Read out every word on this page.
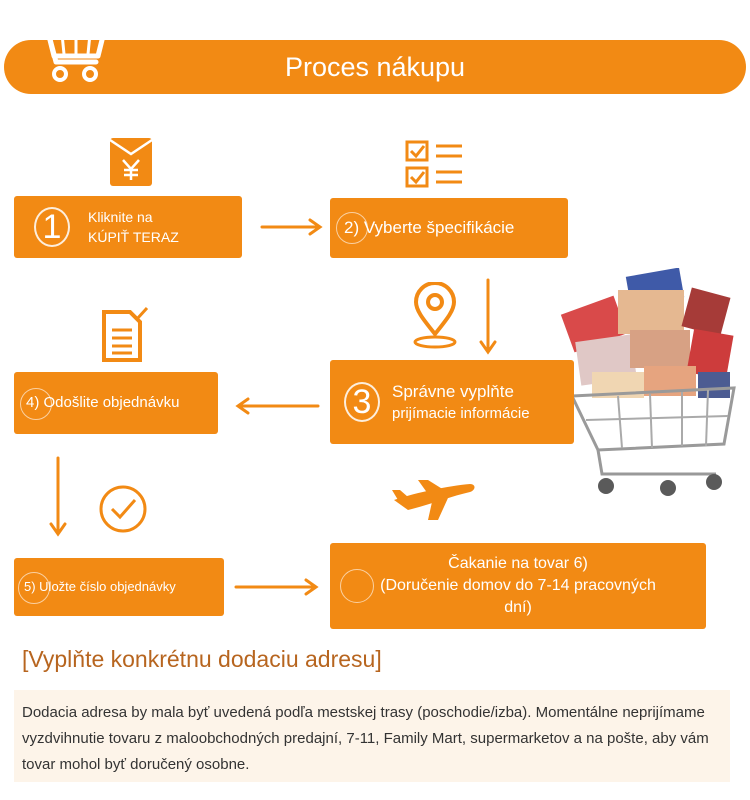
Proces nákupu
1	Kliknite na
KÚPIŤ TERAZ	2) Vyberte špecifikácie
3	Správne vyplňte
prijímacie informácie
4) Odošlite objednávku
5) Uložte číslo objednávky
Čakanie na tovar 6)
(Doručenie domov do 7-14 pracovných
dní)
[Vyplňte konkrétnu dodaciu adresu]
Dodacia adresa by mala byť uvedená podľa mestskej trasy (poschodie/izba). Momentálne neprijímame vyzdvihnutie tovaru z maloobchodných predajní, 7-11, Family Mart, supermarketov a na pošte, aby vám tovar mohol byť doručený osobne.
